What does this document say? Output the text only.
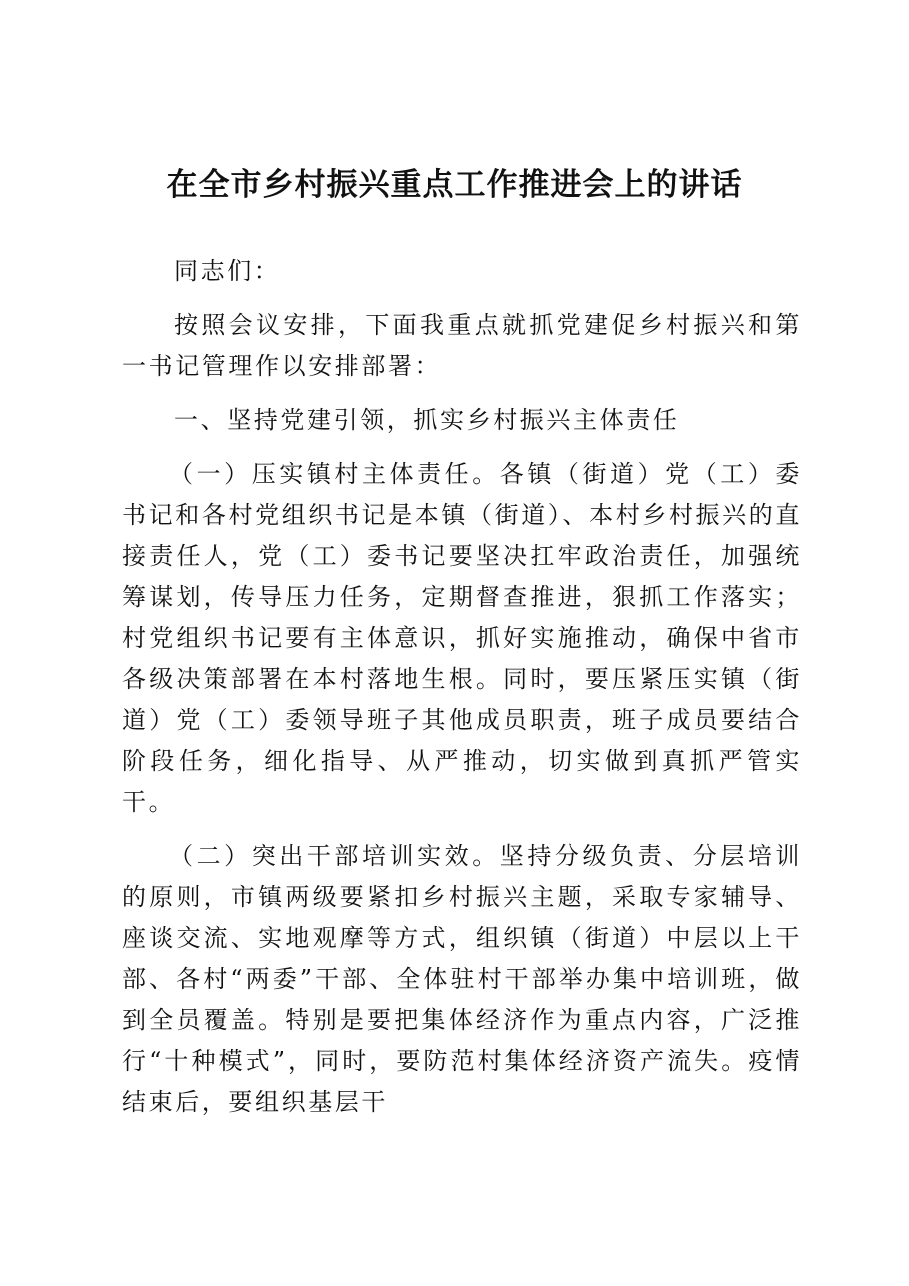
在全市乡村振兴重点工作推进会上的讲话

同志们：

按照会议安排，下面我重点就抓党建促乡村振兴和第一书记管理作以安排部署：

一、坚持党建引领，抓实乡村振兴主体责任

（一）压实镇村主体责任。各镇（街道）党（工）委书记和各村党组织书记是本镇（街道）、本村乡村振兴的直接责任人，党（工）委书记要坚决扛牢政治责任，加强统筹谋划，传导压力任务，定期督查推进，狠抓工作落实；村党组织书记要有主体意识，抓好实施推动，确保中省市各级决策部署在本村落地生根。同时，要压紧压实镇（街道）党（工）委领导班子其他成员职责，班子成员要结合阶段任务，细化指导、从严推动，切实做到真抓严管实干。

（二）突出干部培训实效。坚持分级负责、分层培训的原则，市镇两级要紧扣乡村振兴主题，采取专家辅导、座谈交流、实地观摩等方式，组织镇（街道）中层以上干部、各村“两委”干部、全体驻村干部举办集中培训班，做到全员覆盖。特别是要把集体经济作为重点内容，广泛推行“十种模式”，同时，要防范村集体经济资产流失。疫情结束后，要组织基层干
